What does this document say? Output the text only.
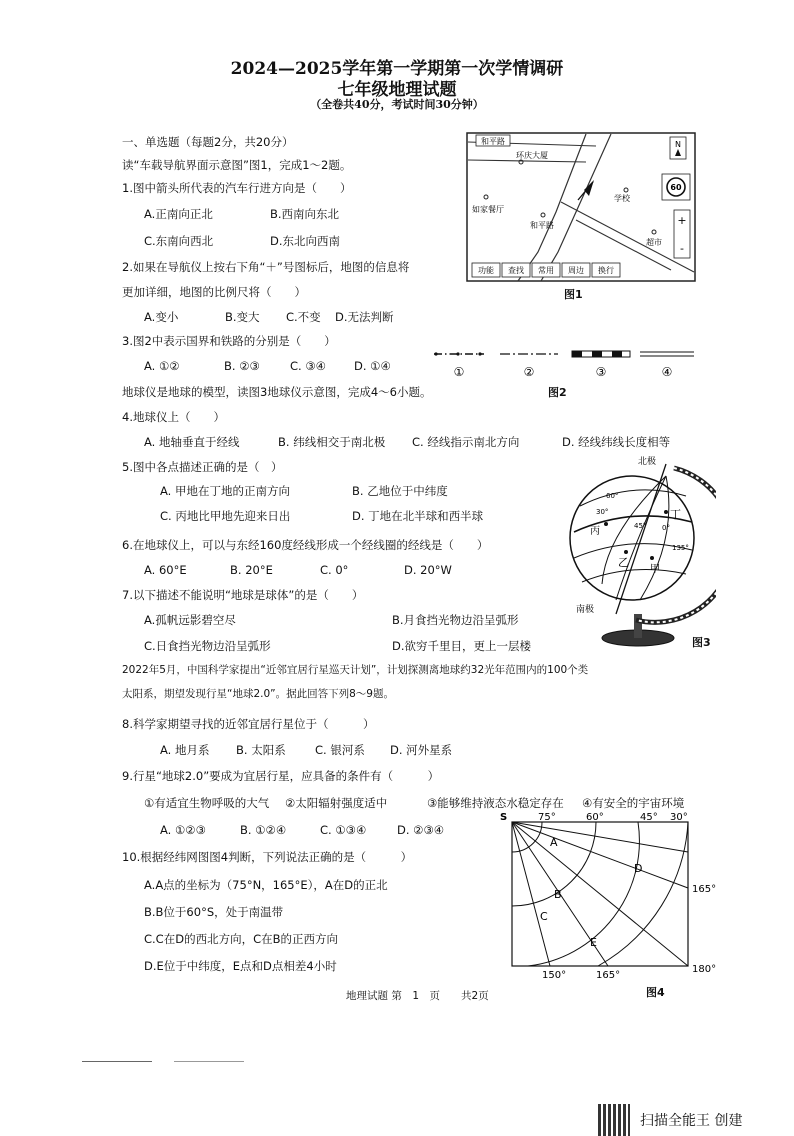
2024—2025学年第一学期第一次学情调研
七年级地理试题
（全卷共40分，考试时间30分钟）
一、单选题（每题2分，共20分）
读“车载导航界面示意图”图1，完成1～2题。
1.图中箭头所代表的汽车行进方向是（　　）
A.正南向正北	B.西南向东北
C.东南向西北	D.东北向西南
2.如果在导航仪上按右下角“＋”号图标后，地图的信息将
更加详细，地图的比例尺将（　　）
A.变小	B.变大 C.不变 D.无法判断
3.图2中表示国界和铁路的分别是（　　）
A. ①②	B. ②③	C. ③④ D. ①④
地球仪是地球的模型，读图3地球仪示意图，完成4～6小题。
4.地球仪上（　　）
A. 地轴垂直于经线	B. 纬线相交于南北极 C. 经线指示南北方向	D. 经线纬线长度相等
5.图中各点描述正确的是（　）
A. 甲地在丁地的正南方向	B. 乙地位于中纬度
C. 丙地比甲地先迎来日出	D. 丁地在北半球和西半球
6.在地球仪上，可以与东经160度经线形成一个经线圈的经线是（　　）
A. 60°E	B. 20°E	C. 0°	D. 20°W
7.以下描述不能说明“地球是球体”的是（　　）
A.孤帆远影碧空尽	B.月食挡光物边沿呈弧形
C.日食挡光物边沿呈弧形	D.欲穷千里目，更上一层楼
2022年5月，中国科学家提出“近邻宜居行星巡天计划”，计划探测离地球约32光年范围内的100个类
太阳系，期望发现行星“地球2.0”。据此回答下列8～9题。
8.科学家期望寻找的近邻宜居行星位于（　　　）
A. 地月系 B. 太阳系	C. 银河系 D. 河外星系
9.行星“地球2.0”要成为宜居行星，应具备的条件有（　　　）
①有适宜生物呼吸的大气 ②太阳辐射强度适中	③能够维持液态水稳定存在 ④有安全的宇宙环境
A. ①②③	B. ①②④	C. ①③④	D. ②③④
10.根据经纬网图图4判断，下列说法正确的是（　　　）
A.A点的坐标为（75°N，165°E），A在D的正北
B.B位于60°S，处于南温带
C.C在D的西北方向，C在B的正西方向
D.E位于中纬度，E点和D点相差4小时
和平路
环庆大厦
学校
如家餐厅
和平路
超市
N
60
+
-
功能 查找 常用 周边 换行
图1
①	②	③	④
图2
北极
南极
丁
丙
乙
甲
60°
30°
45°
135°
0°
图3
S	75°	60°	45° 30°
165°
180°
150°	165°
A
B
C
D
E
图4
地理试题 第　1　页　　共2页
扫描全能王 创建
